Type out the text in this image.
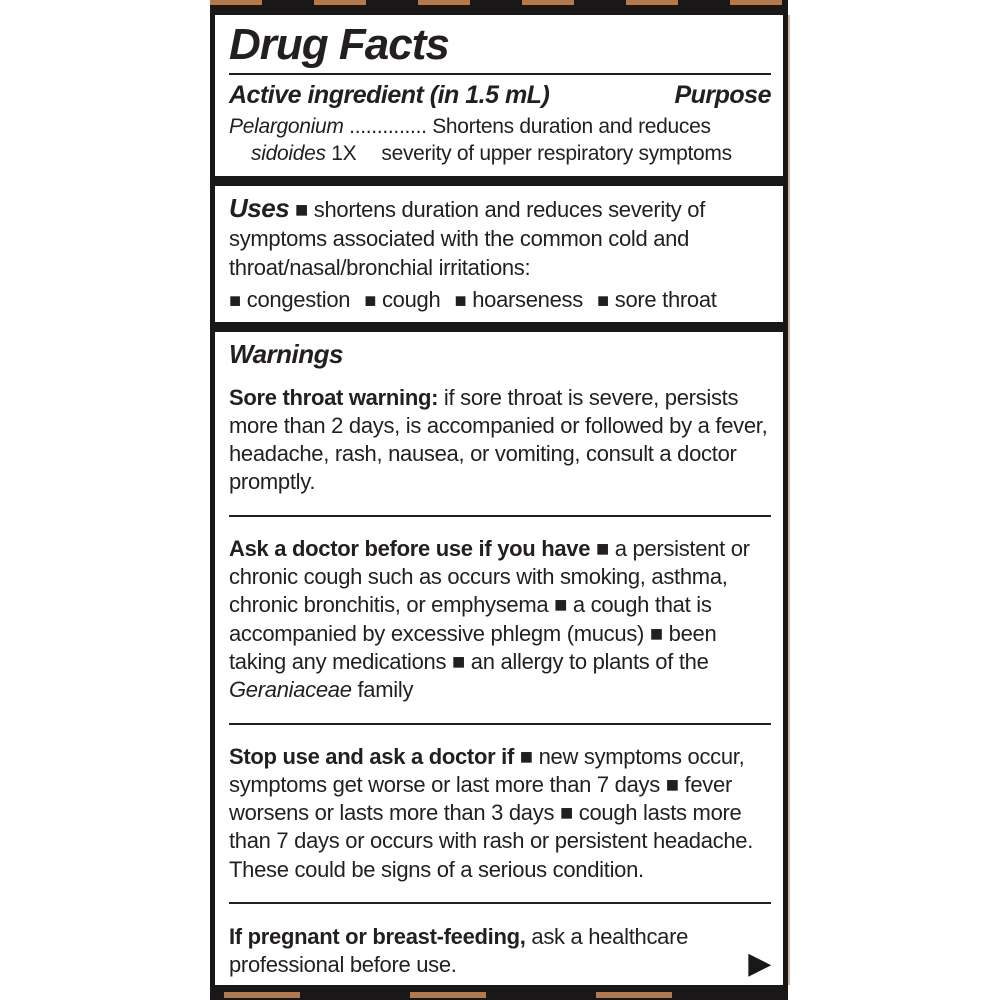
Drug Facts
Active ingredient (in 1.5 mL)	Purpose
Pelargonium .............. Shortens duration and reduces
sidoides 1X severity of upper respiratory symptoms

Uses ■ shortens duration and reduces severity of symptoms associated with the common cold and throat/nasal/bronchial irritations:

■ congestion ■ cough ■ hoarseness ■ sore throat
Warnings

Sore throat warning: if sore throat is severe, persists more than 2 days, is accompanied or followed by a fever, headache, rash, nausea, or vomiting, consult a doctor promptly.

Ask a doctor before use if you have ■ a persistent or chronic cough such as occurs with smoking, asthma, chronic bronchitis, or emphysema ■ a cough that is accompanied by excessive phlegm (mucus) ■ been taking any medications ■ an allergy to plants of the Geraniaceae family

Stop use and ask a doctor if ■ new symptoms occur, symptoms get worse or last more than 7 days ■ fever worsens or lasts more than 3 days ■ cough lasts more than 7 days or occurs with rash or persistent headache. These could be signs of a serious condition.

If pregnant or breast-feeding, ask a healthcare professional before use.	▶
